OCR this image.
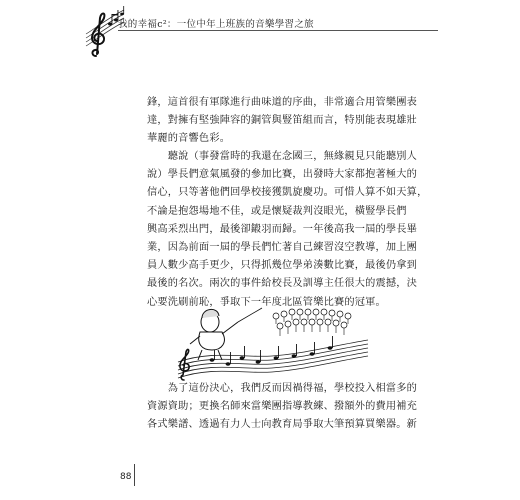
我的幸福c²：一位中年上班族的音樂學習之旅
鋒，這首很有軍隊進行曲味道的序曲，非常適合用管樂團表
達，對擁有堅強陣容的銅管與豎笛組而言，特別能表現雄壯
華麗的音響色彩。
　　聽說（事發當時的我還在念國三，無緣親見只能聽別人
說）學長們意氣風發的參加比賽，出發時大家都抱著極大的
信心，只等著他們回學校接獲凱旋慶功。可惜人算不如天算，
不論是抱怨場地不佳，或是懷疑裁判沒眼光，橫豎學長們
興高采烈出門，最後卻鎩羽而歸。一年後高我一屆的學長畢
業，因為前面一屆的學長們忙著自己練習沒空教導，加上團
員人數少高手更少，只得抓幾位學弟湊數比賽，最後仍拿到
最後的名次。兩次的事件給校長及訓導主任很大的震撼，決
心要洗刷前恥，爭取下一年度北區管樂比賽的冠軍。
　　為了這份決心，我們反而因禍得福，學校投入相當多的
資源資助；更換名師來當樂團指導教練、撥額外的費用補充
各式樂譜、透過有力人士向教育局爭取大筆預算買樂器。新
88
